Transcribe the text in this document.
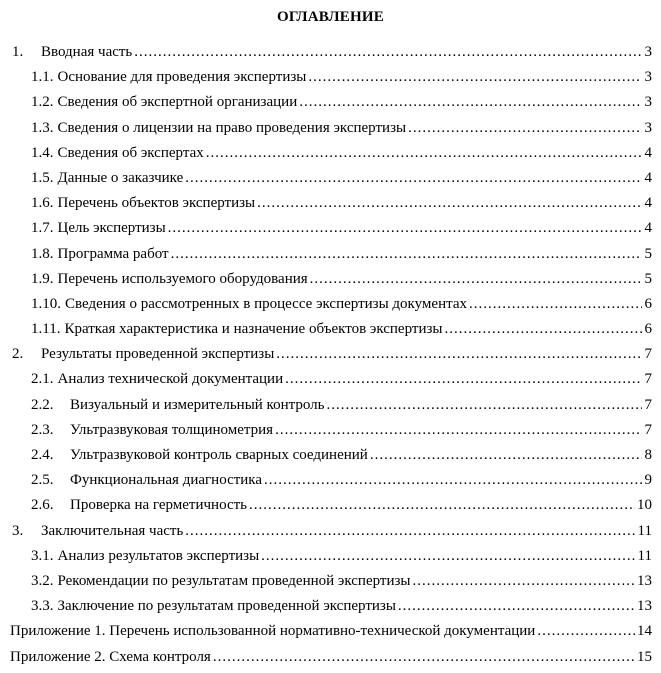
ОГЛАВЛЕНИЕ
1.	Вводная часть .....	3
1.1. Основание для проведения экспертизы .....	3
1.2. Сведения об экспертной организации .....	3
1.3. Сведения о лицензии на право проведения экспертизы .....	3
1.4. Сведения об экспертах .....	4
1.5. Данные о заказчике .....	4
1.6. Перечень объектов экспертизы .....	4
1.7. Цель экспертизы .....	4
1.8. Программа работ .....	5
1.9. Перечень используемого оборудования .....	5
1.10. Сведения о рассмотренных в процессе экспертизы документах .....	6
1.11. Краткая характеристика и назначение объектов экспертизы .....	6
2.	Результаты проведенной экспертизы .....	7
2.1. Анализ технической документации .....	7
2.2.	Визуальный и измерительный контроль .....	7
2.3.	Ультразвуковая толщинометрия .....	7
2.4.	Ультразвуковой контроль сварных соединений .....	8
2.5.	Функциональная диагностика .....	9
2.6.	Проверка на герметичность .....	10
3.	Заключительная часть .....	11
3.1. Анализ результатов экспертизы .....	11
3.2. Рекомендации по результатам проведенной экспертизы .....	13
3.3. Заключение по результатам проведенной экспертизы .....	13
Приложение 1. Перечень использованной нормативно-технической документации .....	14
Приложение 2. Схема контроля .....	15
